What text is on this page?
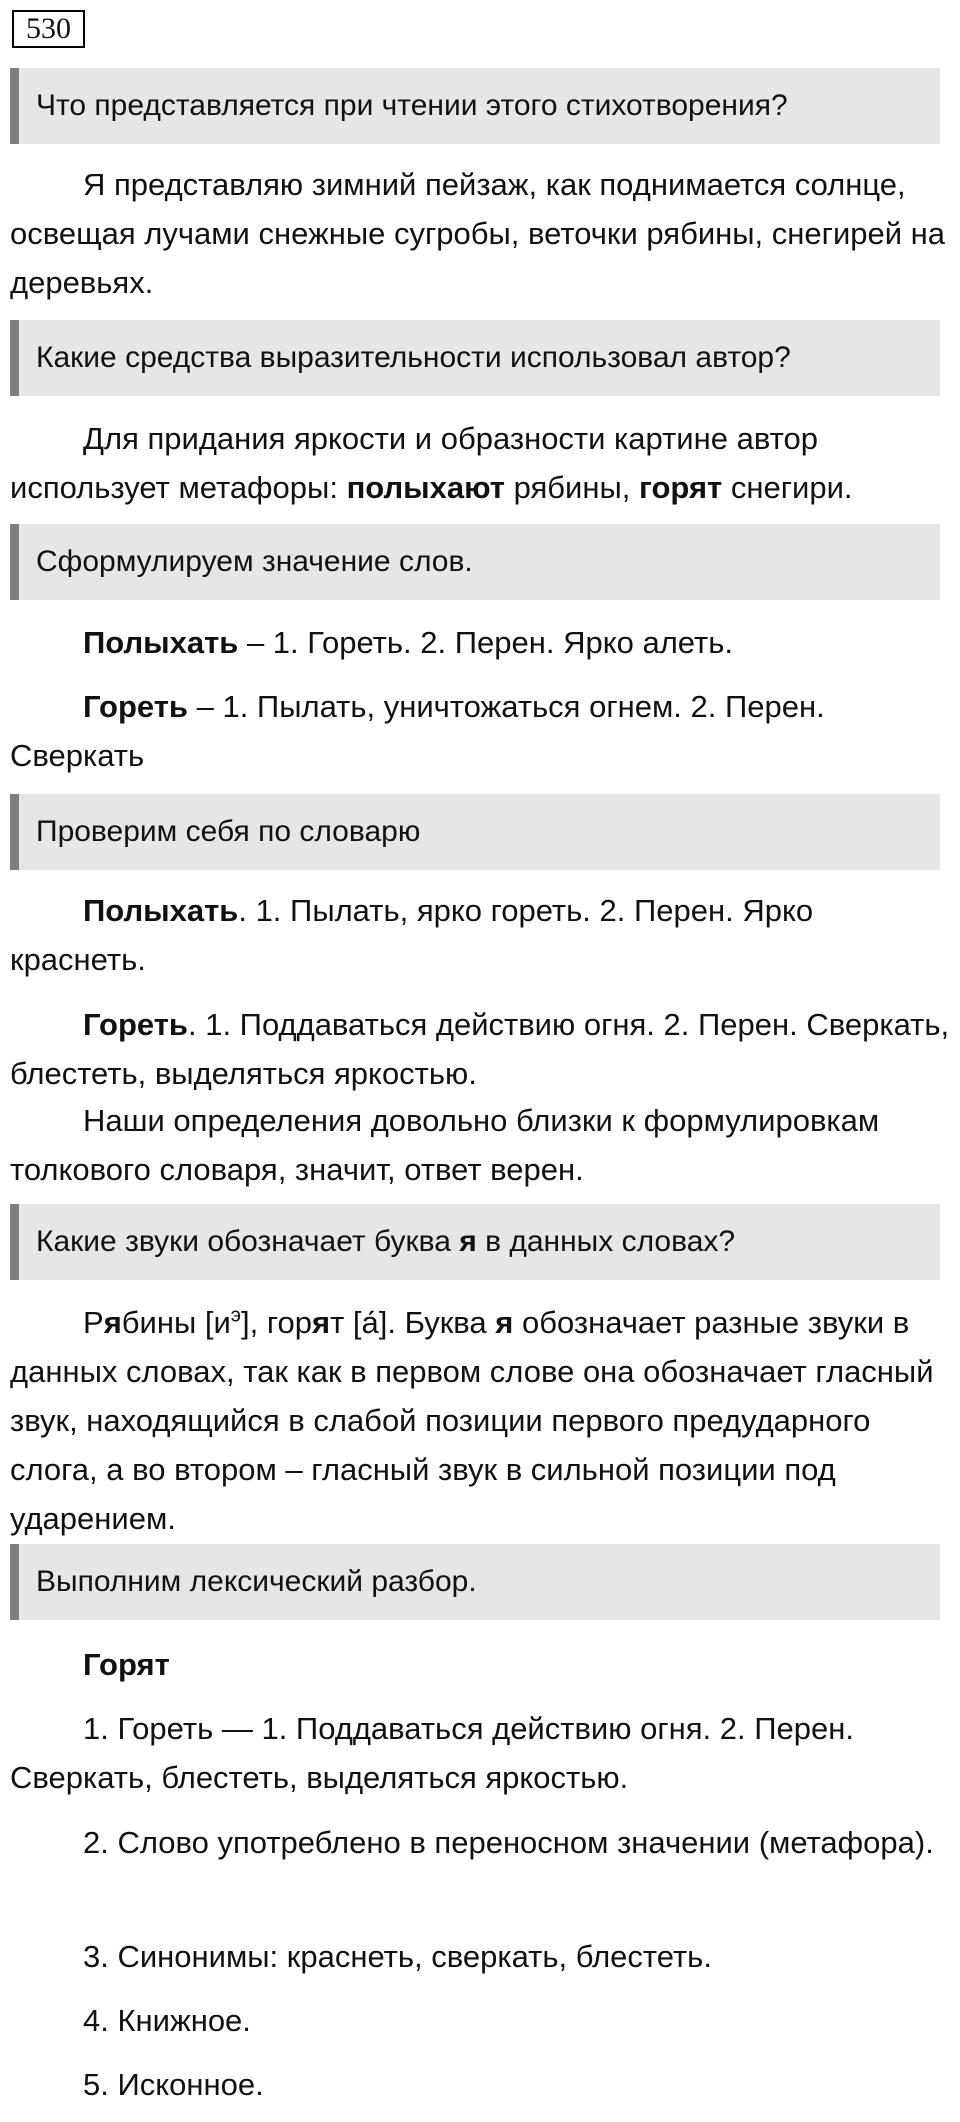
530
Что представляется при чтении этого стихотворения?

Я представляю зимний пейзаж, как поднимается солнце, освещая лучами снежные сугробы, веточки рябины, снегирей на деревьях.

Какие средства выразительности использовал автор?

Для придания яркости и образности картине автор использует метафоры: полыхают рябины, горят снегири.

Сформулируем значение слов.

Полыхать – 1. Гореть. 2. Перен. Ярко алеть.

Гореть – 1. Пылать, уничтожаться огнем. 2. Перен. Сверкать

Проверим себя по словарю

Полыхать. 1. Пылать, ярко гореть. 2. Перен. Ярко краснеть.

Гореть. 1. Поддаваться действию огня. 2. Перен. Сверкать, блестеть, выделяться яркостью.

Наши определения довольно близки к формулировкам толкового словаря, значит, ответ верен.

Какие звуки обозначает буква я в данных словах?

Рябины $[и^э]$, горят [а́]. Буква я обозначает разные звуки в данных словах, так как в первом слове она обозначает гласный звук, находящийся в слабой позиции первого предударного слога, а во втором – гласный звук в сильной позиции под ударением.

Выполним лексический разбор.

Горят

1. Гореть — 1. Поддаваться действию огня. 2. Перен. Сверкать, блестеть, выделяться яркостью.

2. Слово употреблено в переносном значении (метафора).

3. Синонимы: краснеть, сверкать, блестеть.

4. Книжное.

5. Исконное.
